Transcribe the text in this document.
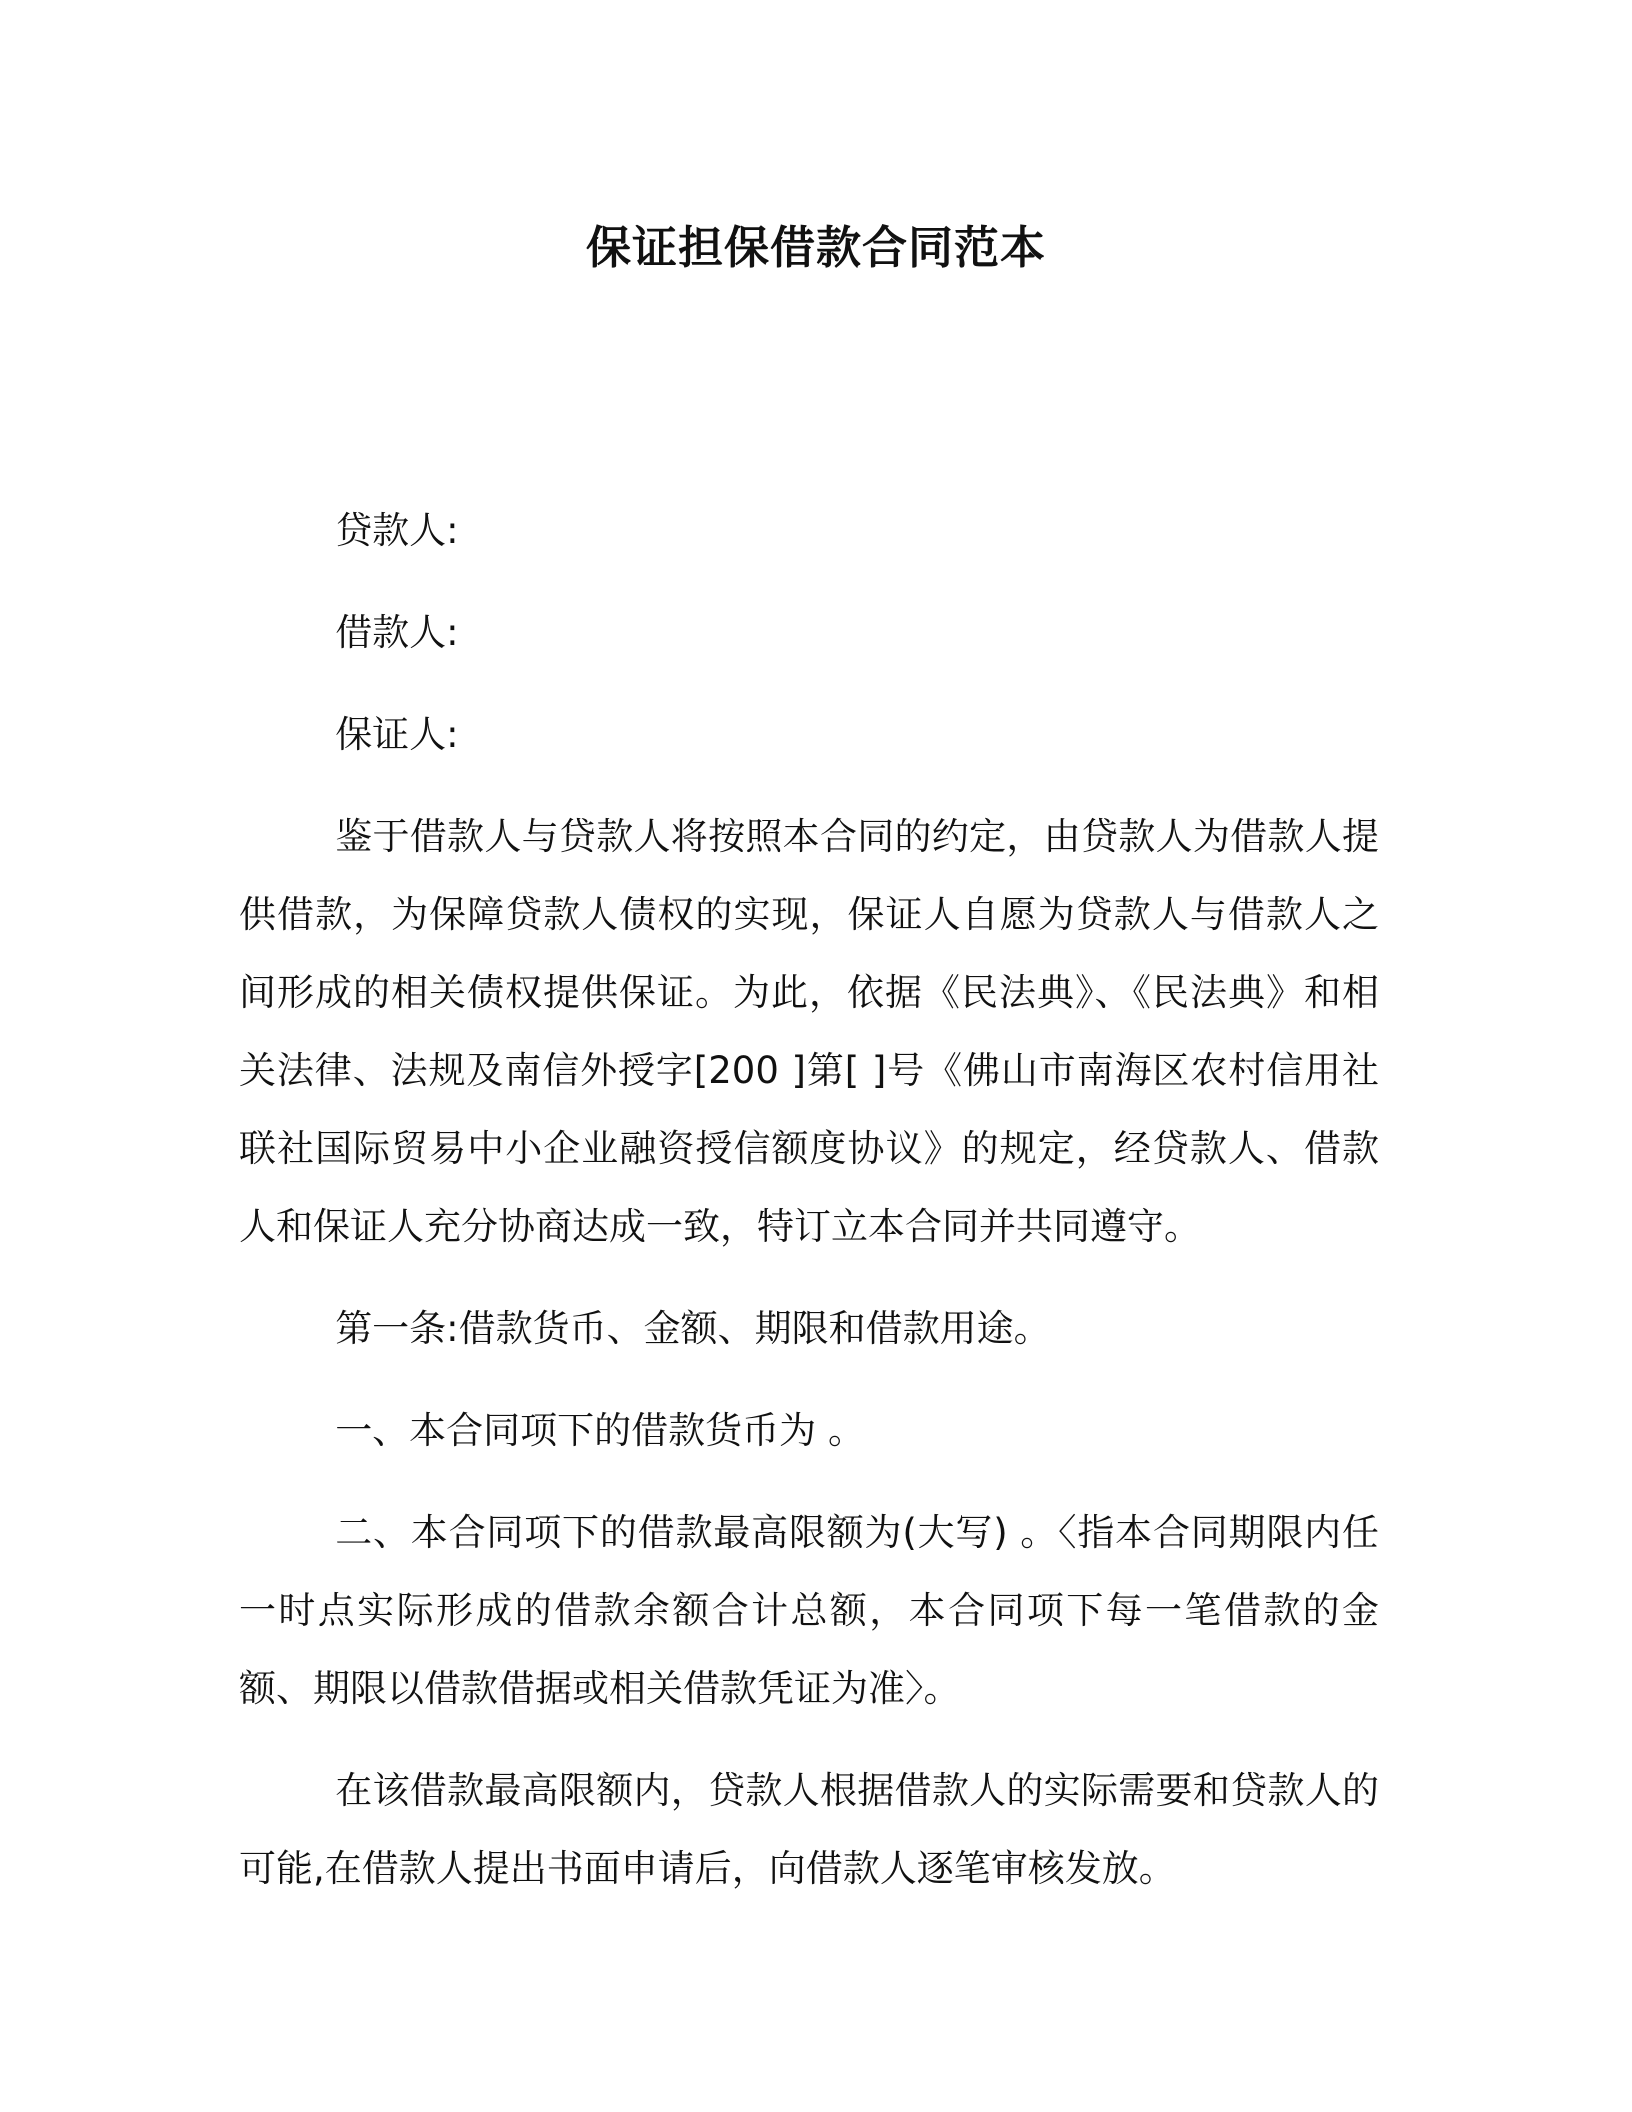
保证担保借款合同范本

贷款人:

借款人:

保证人:

鉴于借款人与贷款人将按照本合同的约定，由贷款人为借款人提供借款，为保障贷款人债权的实现，保证人自愿为贷款人与借款人之间形成的相关债权提供保证。为此，依据《民法典》、《民法典》和相关法律、法规及南信外授字[200 ]第[ ]号《佛山市南海区农村信用社联社国际贸易中小企业融资授信额度协议》的规定，经贷款人、借款人和保证人充分协商达成一致，特订立本合同并共同遵守。

第一条:借款货币、金额、期限和借款用途。

一、本合同项下的借款货币为 。

二、本合同项下的借款最高限额为(大写) 。〈指本合同期限内任一时点实际形成的借款余额合计总额，本合同项下每一笔借款的金额、期限以借款借据或相关借款凭证为准〉。

在该借款最高限额内，贷款人根据借款人的实际需要和贷款人的可能,在借款人提出书面申请后，向借款人逐笔审核发放。
